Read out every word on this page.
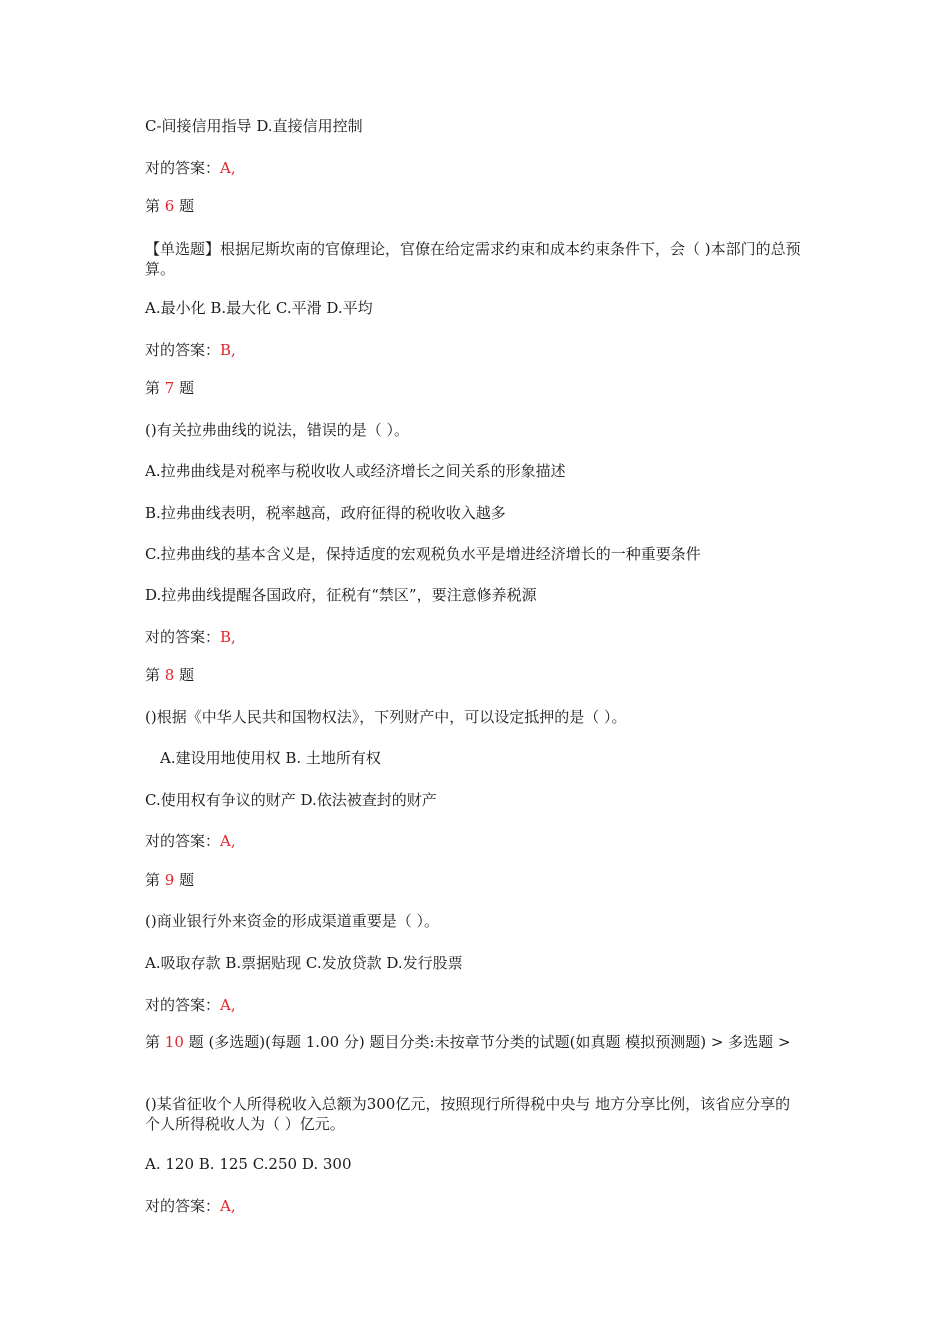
C-间接信用指导 D.直接信用控制
对的答案：A,
第 6 题
【单选题】根据尼斯坎南的官僚理论，官僚在给定需求约束和成本约束条件下，会（ )本部门的总预算。
A.最小化 B.最大化 C.平滑 D.平均
对的答案：B,
第 7 题
()有关拉弗曲线的说法，错误的是（ ）。
A.拉弗曲线是对税率与税收收人或经济增长之间关系的形象描述
B.拉弗曲线表明，税率越高，政府征得的税收收入越多
C.拉弗曲线的基本含义是，保持适度的宏观税负水平是增进经济增长的一种重要条件
D.拉弗曲线提醒各国政府，征税有“禁区”，要注意修养税源
对的答案：B,
第 8 题
()根据《中华人民共和国物权法》，下列财产中，可以设定抵押的是（ ）。
A.建设用地使用权 B. 土地所有权
C.使用权有争议的财产 D.依法被查封的财产
对的答案：A,
第 9 题
()商业银行外来资金的形成渠道重要是（ ）。
A.吸取存款 B.票据贴现 C.发放贷款 D.发行股票
对的答案：A,
第 10 题 (多选题)(每题 1.00 分) 题目分类:未按章节分类的试题(如真题 模拟预测题) > 多选题 >
()某省征收个人所得税收入总额为300亿元，按照现行所得税中央与 地方分享比例，该省应分享的个人所得税收人为（ ）亿元。
A. 120 B. 125 C.250 D. 300
对的答案：A,
